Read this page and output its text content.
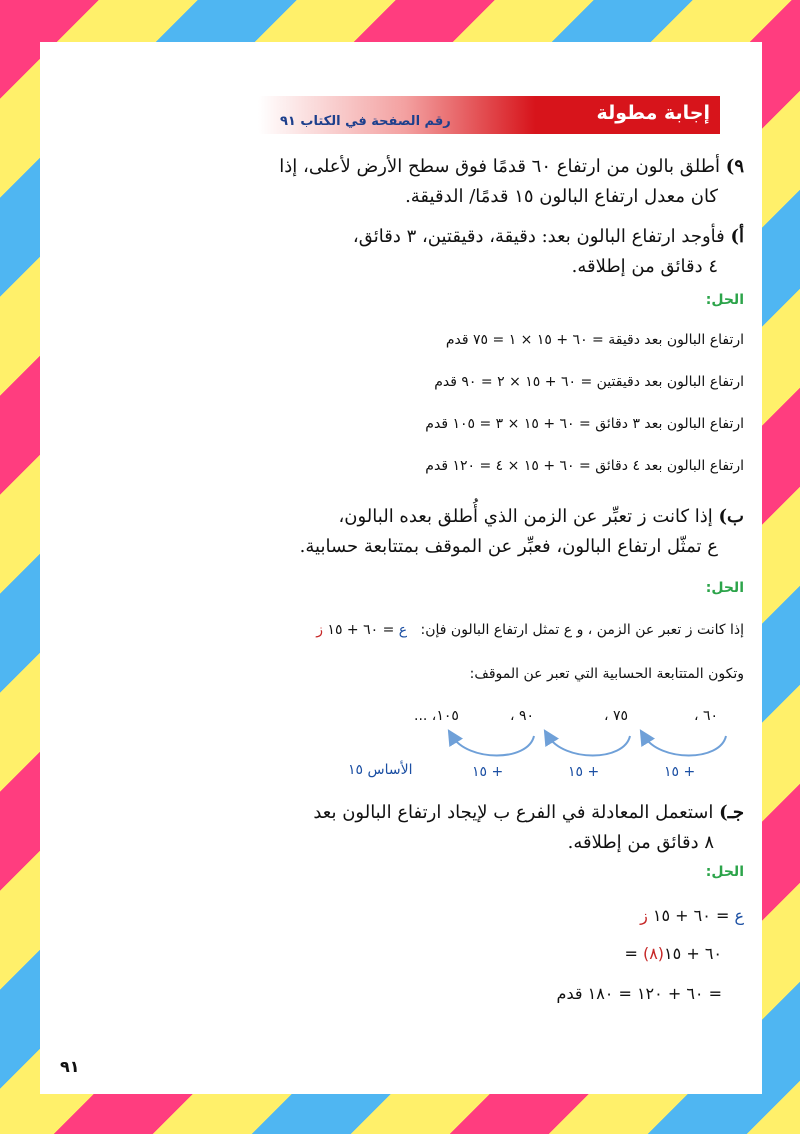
إجابة مطولة
رقم الصفحة في الكتاب ٩١
٩) أطلق بالون من ارتفاع ٦٠ قدمًا فوق سطح الأرض لأعلى، إذا
كان معدل ارتفاع البالون ١٥ قدمًا/ الدقيقة.
أ) فأوجد ارتفاع البالون بعد: دقيقة، دقيقتين، ٣ دقائق،
٤ دقائق من إطلاقه.
الحل:
ارتفاع البالون بعد دقيقة = ٦٠ + ١٥ × ١ = ٧٥ قدم
ارتفاع البالون بعد دقيقتين = ٦٠ + ١٥ × ٢ = ٩٠ قدم
ارتفاع البالون بعد ٣ دقائق = ٦٠ + ١٥ × ٣ = ١٠٥ قدم
ارتفاع البالون بعد ٤ دقائق = ٦٠ + ١٥ × ٤ = ١٢٠ قدم
ب) إذا كانت ز تعبِّر عن الزمن الذي أُطلق بعده البالون،
ع تمثّل ارتفاع البالون، فعبِّر عن الموقف بمتتابعة حسابية.
الحل:
إذا كانت ز تعبر عن الزمن ، و ع تمثل ارتفاع البالون فإن:   ع = ٦٠ + ١٥ ز
وتكون المتتابعة الحسابية التي تعبر عن الموقف:
٦٠ ،
٧٥ ،
٩٠ ،
١٠٥، ...
+ ١٥
+ ١٥
+ ١٥
الأساس ١٥
جـ) استعمل المعادلة في الفرع ب لإيجاد ارتفاع البالون بعد
٨ دقائق من إطلاقه.
الحل:
ع = ٦٠ + ١٥ ز
= ٦٠ + ١٥(٨)
= ٦٠ + ١٢٠ = ١٨٠ قدم
٩١
